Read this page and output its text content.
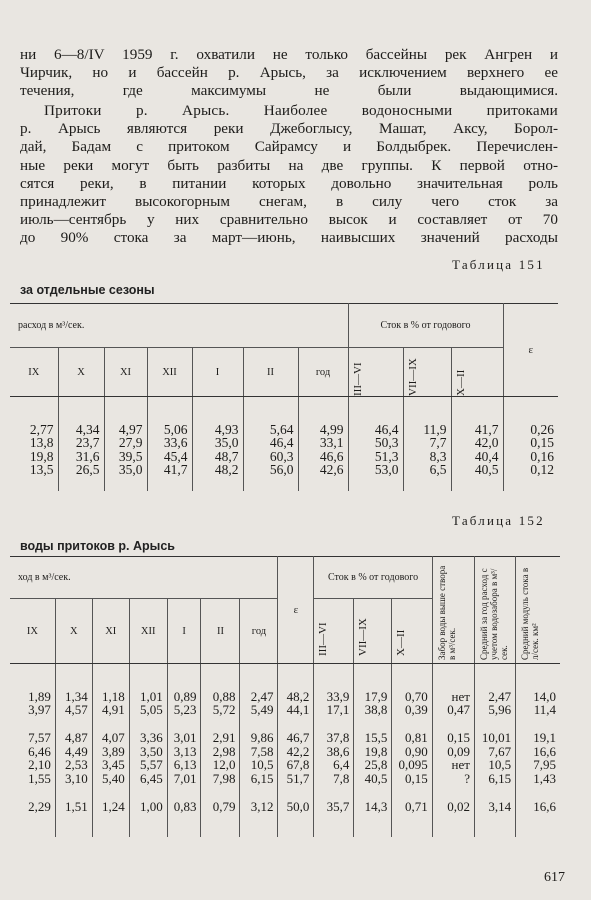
ни 6—8/IV 1959 г. охватили не только бассейны рек Ангрен и
Чирчик, но и бассейн р. Арысь, за исключением верхнего ее
течения, где максимумы не были выдающимися.
Притоки р. Арысь. Наиболее водоносными притоками
р. Арысь являются реки Джебоглысу, Машат, Аксу, Борол-
дай, Бадам с притоком Сайрамсу и Болдыбрек. Перечислен-
ные реки могут быть разбиты на две группы. К первой отно-
сятся реки, в питании которых довольно значительная роль
принадлежит высокогорным снегам, в силу чего сток за
июль—сентябрь у них сравнительно высок и составляет от 70
до 90% стока за март—июнь, наивысших значений расходы
Таблица 151
за отдельные сезоны
расход в м³/сек.							Сток в % от годового			ε
IX	X	XI	XII	I	II	год	III—VI	VII—IX	X—II	

2,77	4,34	4,97	5,06	4,93	5,64	4,99	46,4	11,9	41,7	0,26
13,8	23,7	27,9	33,6	35,0	46,4	33,1	50,3	7,7	42,0	0,15
19,8	31,6	39,5	45,4	48,7	60,3	46,6	51,3	8,3	40,4	0,16
13,5	26,5	35,0	41,7	48,2	56,0	42,6	53,0	6,5	40,5	0,12

Таблица 152
воды притоков р. Арысь
ход в м³/сек.							ε	Сток в % от годового			Забор воды выше створа в м³/сек.	Средний за год расход с учетом водозабора в м³/сек.	Средний модуль стока в л/сек. км²

IX	X	XI	XII	I	II	год		III—VI	VII—IX	X—II			

1,89	1,34	1,18	1,01	0,89	0,88	2,47	48,2	33,9	17,9	0,70	нет	2,47	14,0
3,97	4,57	4,91	5,05	5,23	5,72	5,49	44,1	17,1	38,8	0,39	0,47	5,96	11,4
7,57	4,87	4,07	3,36	3,01	2,91	9,86	46,7	37,8	15,5	0,81	0,15	10,01	19,1
6,46	4,49	3,89	3,50	3,13	2,98	7,58	42,2	38,6	19,8	0,90	0,09	7,67	16,6
2,10	2,53	3,45	5,57	6,13	12,0	10,5	67,8	6,4	25,8	0,095	нет	10,5	7,95
1,55	3,10	5,40	6,45	7,01	7,98	6,15	51,7	7,8	40,5	0,15	?	6,15	1,43
2,29	1,51	1,24	1,00	0,83	0,79	3,12	50,0	35,7	14,3	0,71	0,02	3,14	16,6

617
